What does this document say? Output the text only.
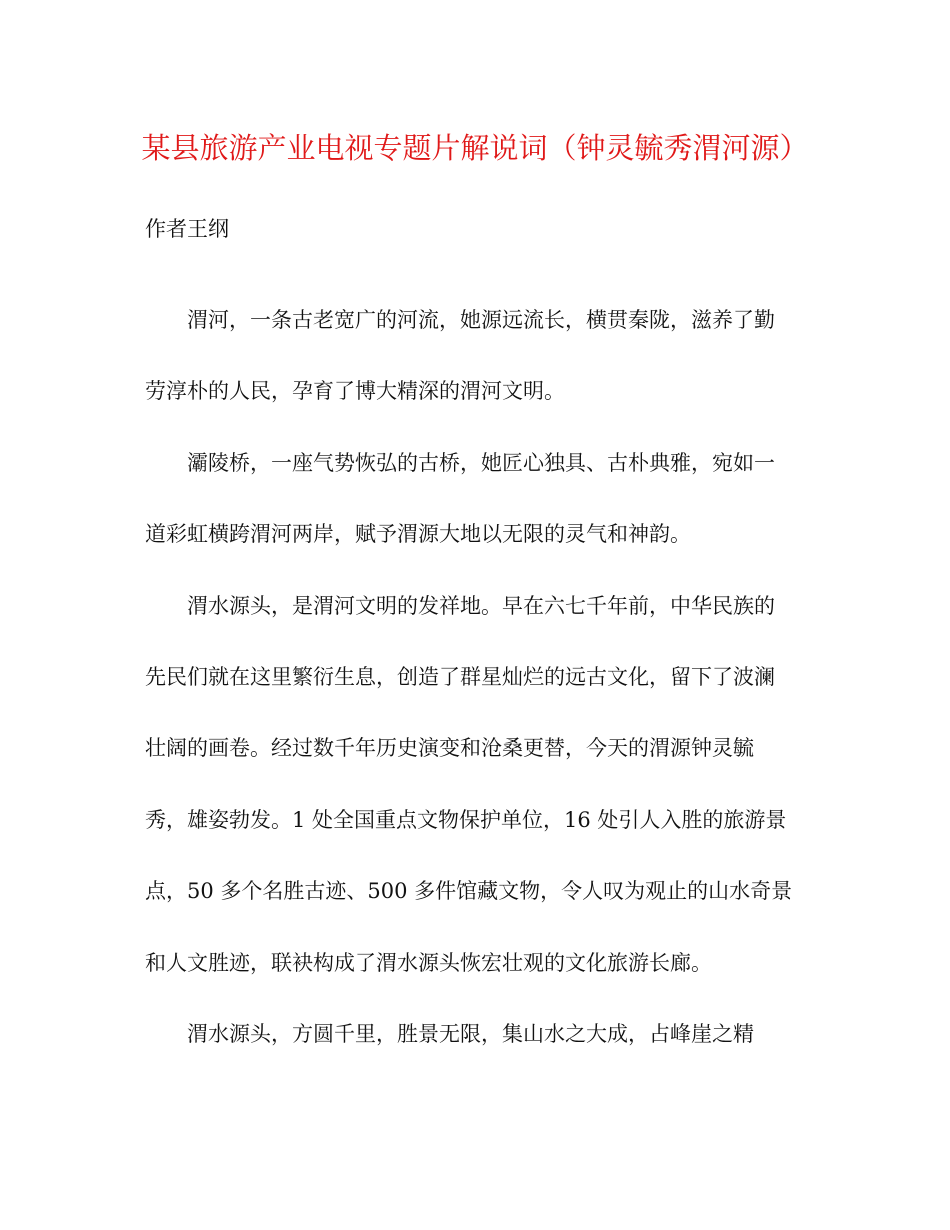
某县旅游产业电视专题片解说词（钟灵毓秀渭河源）
作者王纲

渭河，一条古老宽广的河流，她源远流长，横贯秦陇，滋养了勤
劳淳朴的人民，孕育了博大精深的渭河文明。

灞陵桥，一座气势恢弘的古桥，她匠心独具、古朴典雅，宛如一
道彩虹横跨渭河两岸，赋予渭源大地以无限的灵气和神韵。

渭水源头，是渭河文明的发祥地。早在六七千年前，中华民族的
先民们就在这里繁衍生息，创造了群星灿烂的远古文化，留下了波澜
壮阔的画卷。经过数千年历史演变和沧桑更替，今天的渭源钟灵毓
秀，雄姿勃发。1 处全国重点文物保护单位，16 处引人入胜的旅游景
点，50 多个名胜古迹、500 多件馆藏文物，令人叹为观止的山水奇景
和人文胜迹，联袂构成了渭水源头恢宏壮观的文化旅游长廊。

渭水源头，方圆千里，胜景无限，集山水之大成，占峰崖之精
